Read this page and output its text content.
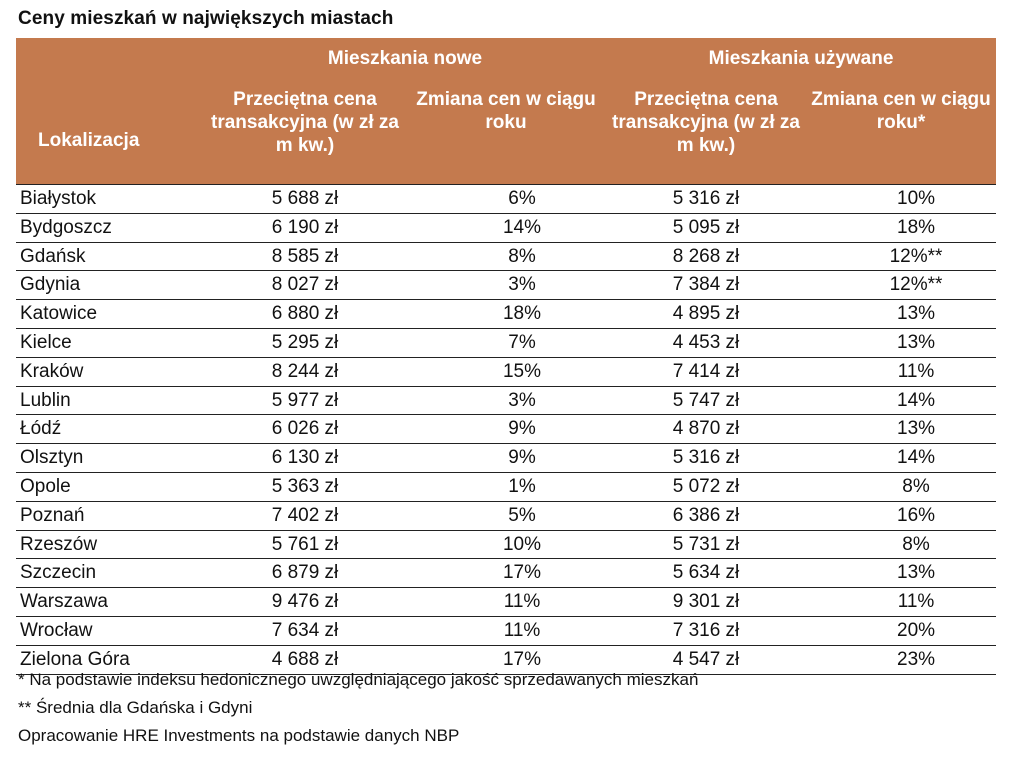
Ceny mieszkań w największych miastach
Lokalizacja	Mieszkania nowe		Mieszkania używane	
	Przeciętna cena transakcyjna (w zł za m kw.)	Zmiana cen w ciągu roku	Przeciętna cena transakcyjna (w zł za m kw.)	Zmiana cen w ciągu roku*
Białystok	5 688 zł	6%	5 316 zł	10%
Bydgoszcz	6 190 zł	14%	5 095 zł	18%
Gdańsk	8 585 zł	8%	8 268 zł	12%**
Gdynia	8 027 zł	3%	7 384 zł	12%**
Katowice	6 880 zł	18%	4 895 zł	13%
Kielce	5 295 zł	7%	4 453 zł	13%
Kraków	8 244 zł	15%	7 414 zł	11%
Lublin	5 977 zł	3%	5 747 zł	14%
Łódź	6 026 zł	9%	4 870 zł	13%
Olsztyn	6 130 zł	9%	5 316 zł	14%
Opole	5 363 zł	1%	5 072 zł	8%
Poznań	7 402 zł	5%	6 386 zł	16%
Rzeszów	5 761 zł	10%	5 731 zł	8%
Szczecin	6 879 zł	17%	5 634 zł	13%
Warszawa	9 476 zł	11%	9 301 zł	11%
Wrocław	7 634 zł	11%	7 316 zł	20%
Zielona Góra	4 688 zł	17%	4 547 zł	23%
* Na podstawie indeksu hedonicznego uwzględniającego jakość sprzedawanych mieszkań
** Średnia dla Gdańska i Gdyni
Opracowanie HRE Investments na podstawie danych NBP
